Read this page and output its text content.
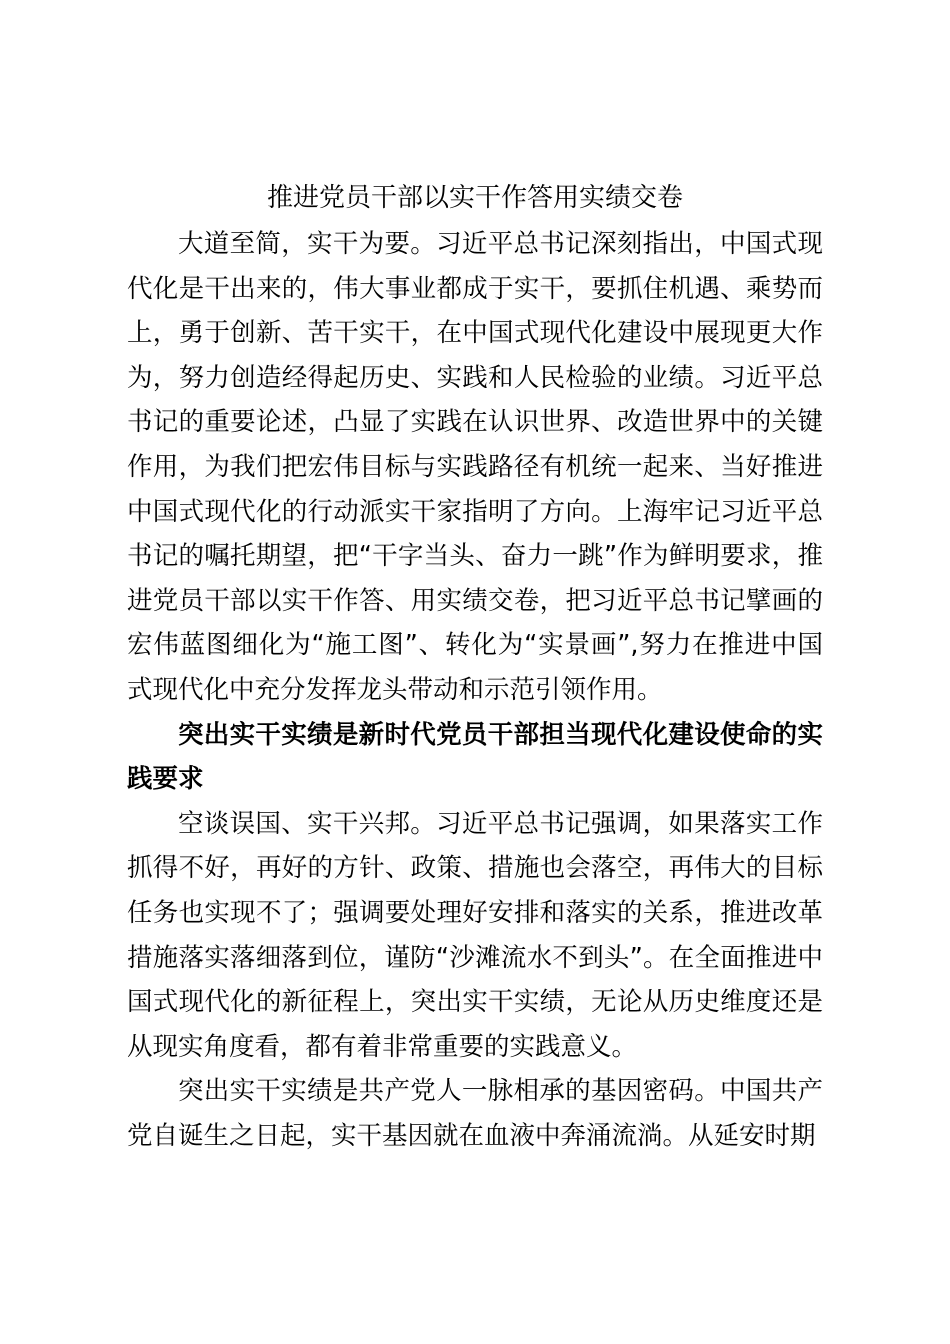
推进党员干部以实干作答用实绩交卷

大道至简，实干为要。习近平总书记深刻指出，中国式现代化是干出来的，伟大事业都成于实干，要抓住机遇、乘势而上，勇于创新、苦干实干，在中国式现代化建设中展现更大作为，努力创造经得起历史、实践和人民检验的业绩。习近平总书记的重要论述，凸显了实践在认识世界、改造世界中的关键作用，为我们把宏伟目标与实践路径有机统一起来、当好推进中国式现代化的行动派实干家指明了方向。上海牢记习近平总书记的嘱托期望，把“干字当头、奋力一跳”作为鲜明要求，推进党员干部以实干作答、用实绩交卷，把习近平总书记擘画的宏伟蓝图细化为“施工图”、转化为“实景画”,努力在推进中国式现代化中充分发挥龙头带动和示范引领作用。

突出实干实绩是新时代党员干部担当现代化建设使命的实践要求

空谈误国、实干兴邦。习近平总书记强调，如果落实工作抓得不好，再好的方针、政策、措施也会落空，再伟大的目标任务也实现不了；强调要处理好安排和落实的关系，推进改革措施落实落细落到位，谨防“沙滩流水不到头”。在全面推进中国式现代化的新征程上，突出实干实绩，无论从历史维度还是从现实角度看，都有着非常重要的实践意义。

突出实干实绩是共产党人一脉相承的基因密码。中国共产党自诞生之日起，实干基因就在血液中奔涌流淌。从延安时期
